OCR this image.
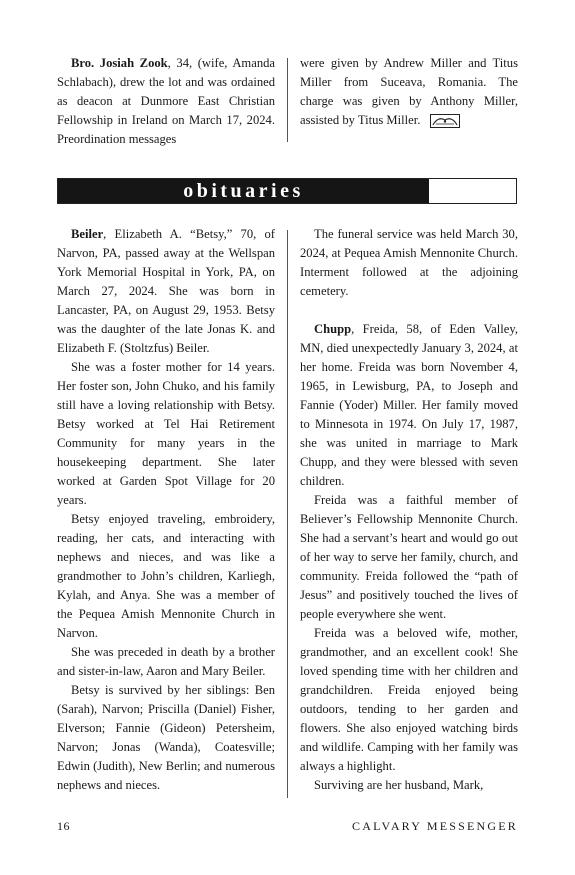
Bro. Josiah Zook, 34, (wife, Amanda Schlabach), drew the lot and was ordained as deacon at Dunmore East Christian Fellowship in Ireland on March 17, 2024. Preordination messages

were given by Andrew Miller and Titus Miller from Suceava, Romania. The charge was given by Anthony Miller, assisted by Titus Miller.

obituaries

Beiler, Elizabeth A. “Betsy,” 70, of Narvon, PA, passed away at the Wellspan York Memorial Hospital in York, PA, on March 27, 2024. She was born in Lancaster, PA, on August 29, 1953. Betsy was the daughter of the late Jonas K. and Elizabeth F. (Stoltzfus) Beiler.

She was a foster mother for 14 years. Her foster son, John Chuko, and his family still have a loving relationship with Betsy. Betsy worked at Tel Hai Retirement Community for many years in the housekeeping department. She later worked at Garden Spot Village for 20 years.

Betsy enjoyed traveling, embroidery, reading, her cats, and interacting with nephews and nieces, and was like a grandmother to John’s children, Karliegh, Kylah, and Anya. She was a member of the Pequea Amish Mennonite Church in Narvon.

She was preceded in death by a brother and sister-in-law, Aaron and Mary Beiler.

Betsy is survived by her siblings: Ben (Sarah), Narvon; Priscilla (Daniel) Fisher, Elverson; Fannie (Gideon) Petersheim, Narvon; Jonas (Wanda), Coatesville; Edwin (Judith), New Berlin; and numerous nephews and nieces.

The funeral service was held March 30, 2024, at Pequea Amish Mennonite Church. Interment followed at the adjoining cemetery.

Chupp, Freida, 58, of Eden Valley, MN, died unexpectedly January 3, 2024, at her home. Freida was born November 4, 1965, in Lewisburg, PA, to Joseph and Fannie (Yoder) Miller. Her family moved to Minnesota in 1974. On July 17, 1987, she was united in marriage to Mark Chupp, and they were blessed with seven children.

Freida was a faithful member of Believer’s Fellowship Mennonite Church. She had a servant’s heart and would go out of her way to serve her family, church, and community. Freida followed the “path of Jesus” and positively touched the lives of people everywhere she went.

Freida was a beloved wife, mother, grandmother, and an excellent cook! She loved spending time with her children and grandchildren. Freida enjoyed being outdoors, tending to her garden and flowers. She also enjoyed watching birds and wildlife. Camping with her family was always a highlight.

Surviving are her husband, Mark,

16	CALVARY MESSENGER
